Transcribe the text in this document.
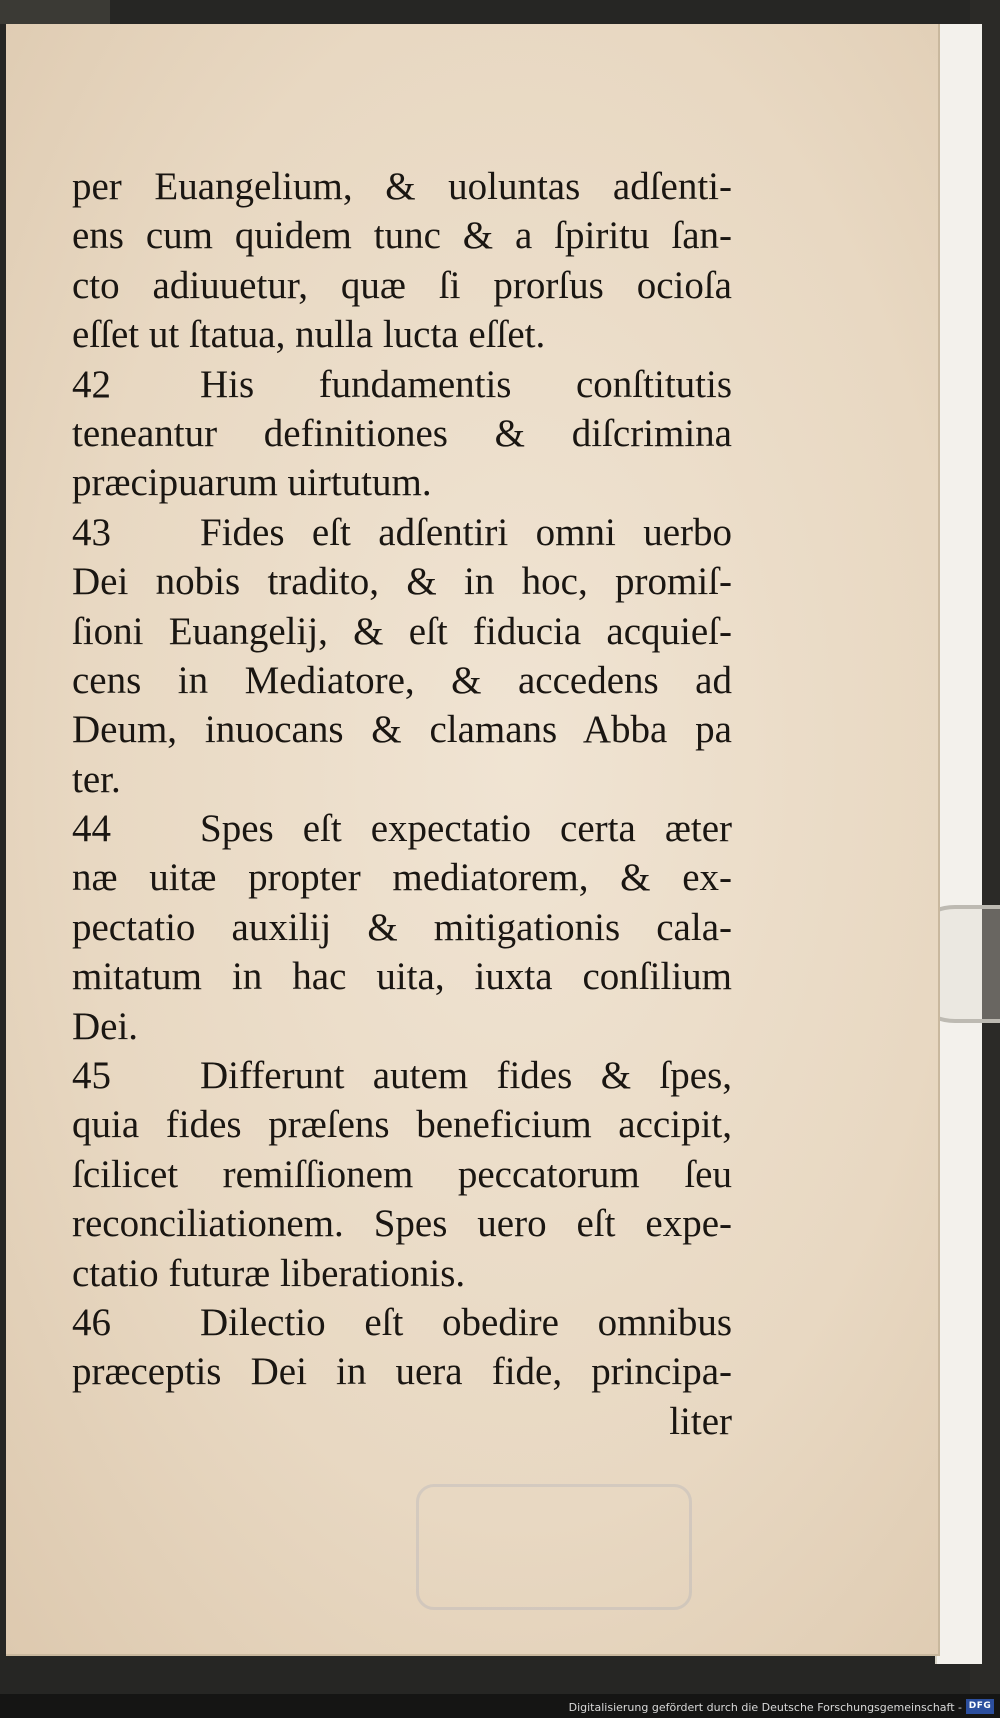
per Euangelium, & uoluntas adſenti-
ens cum quidem tunc & a ſpiritu ſan-
cto adiuuetur, quæ ſi prorſus ocioſa
eſſet ut ſtatua, nulla lucta eſſet.
42 His fundamentis conſtitutis
teneantur definitiones & diſcrimina
præcipuarum uirtutum.
43 Fides eſt adſentiri omni uerbo
Dei nobis tradito, & in hoc, promiſ-
ſioni Euangelij, & eſt fiducia acquieſ-
cens in Mediatore, & accedens ad
Deum, inuocans & clamans Abba pa
ter.
44 Spes eſt expectatio certa æter
næ uitæ propter mediatorem, & ex-
pectatio auxilij & mitigationis cala-
mitatum in hac uita, iuxta conſilium
Dei.
45 Differunt autem fides & ſpes,
quia fides præſens beneficium accipit,
ſcilicet remiſſionem peccatorum ſeu
reconciliationem. Spes uero eſt expe-
ctatio futuræ liberationis.
46 Dilectio eſt obedire omnibus
præceptis Dei in uera fide, principa-
liter
Digitalisierung gefördert durch die Deutsche Forschungsgemeinschaft - DFG
